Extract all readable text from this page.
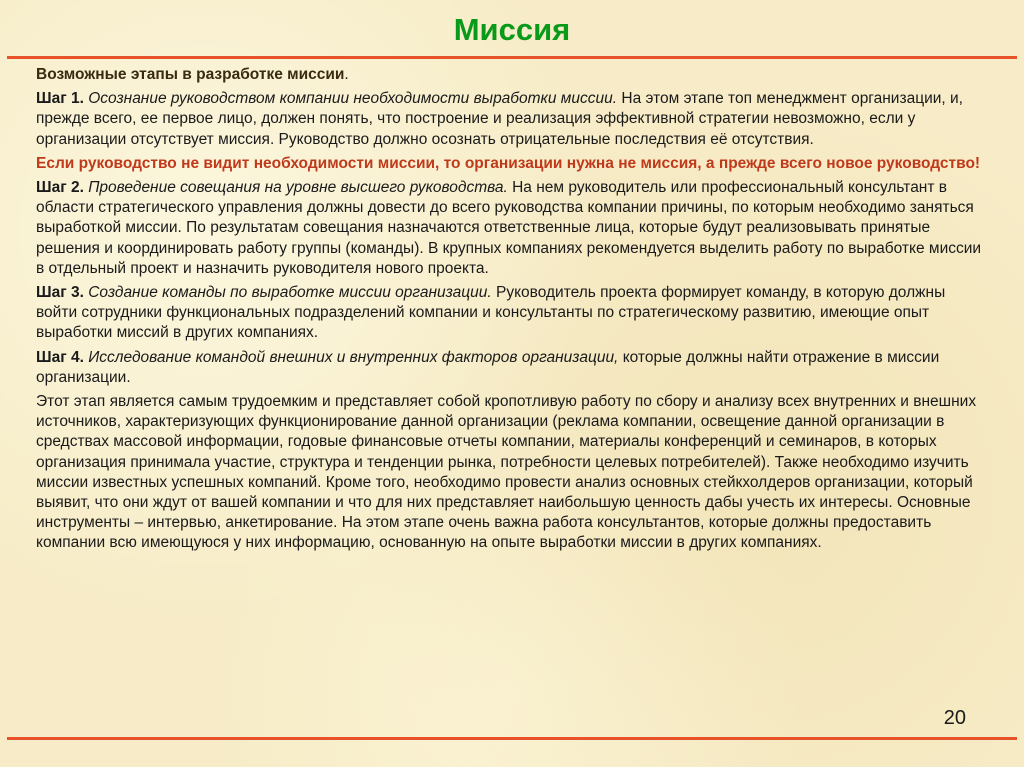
Миссия

Возможные этапы в разработке миссии.

Шаг 1. Осознание руководством компании необходимости выработки миссии. На этом этапе топ менеджмент организации, и, прежде всего, ее первое лицо, должен понять, что построение и реализация эффективной стратегии невозможно, если у организации отсутствует миссия. Руководство должно осознать отрицательные последствия её отсутствия.

Если руководство не видит необходимости миссии, то организации нужна не миссия, а прежде всего новое руководство!

Шаг 2. Проведение совещания на уровне высшего руководства. На нем руководитель или профессиональный консультант в области стратегического управления должны довести до всего руководства компании причины, по которым необходимо заняться выработкой миссии. По результатам совещания назначаются ответственные лица, которые будут реализовывать принятые решения и координировать работу группы (команды). В крупных компаниях рекомендуется выделить работу по выработке миссии в отдельный проект и назначить руководителя нового проекта.

Шаг 3. Создание команды по выработке миссии организации. Руководитель проекта формирует команду, в которую должны войти сотрудники функциональных подразделений компании и консультанты по стратегическому развитию, имеющие опыт выработки миссий в других компаниях.

Шаг 4. Исследование командой внешних и внутренних факторов организации, которые должны найти отражение в миссии организации.

Этот этап является самым трудоемким и представляет собой кропотливую работу по сбору и анализу всех внутренних и внешних источников, характеризующих функционирование данной организации (реклама компании, освещение данной организации в средствах массовой информации, годовые финансовые отчеты компании, материалы конференций и семинаров, в которых организация принимала участие, структура и тенденции рынка, потребности целевых потребителей). Также необходимо изучить миссии известных успешных компаний. Кроме того, необходимо провести анализ основных стейкхолдеров организации, который выявит, что они ждут от вашей компании и что для них представляет наибольшую ценность дабы учесть их интересы. Основные инструменты – интервью, анкетирование. На этом этапе очень важна работа консультантов, которые должны предоставить компании всю имеющуюся у них информацию, основанную на опыте выработки миссии в других компаниях.

20
